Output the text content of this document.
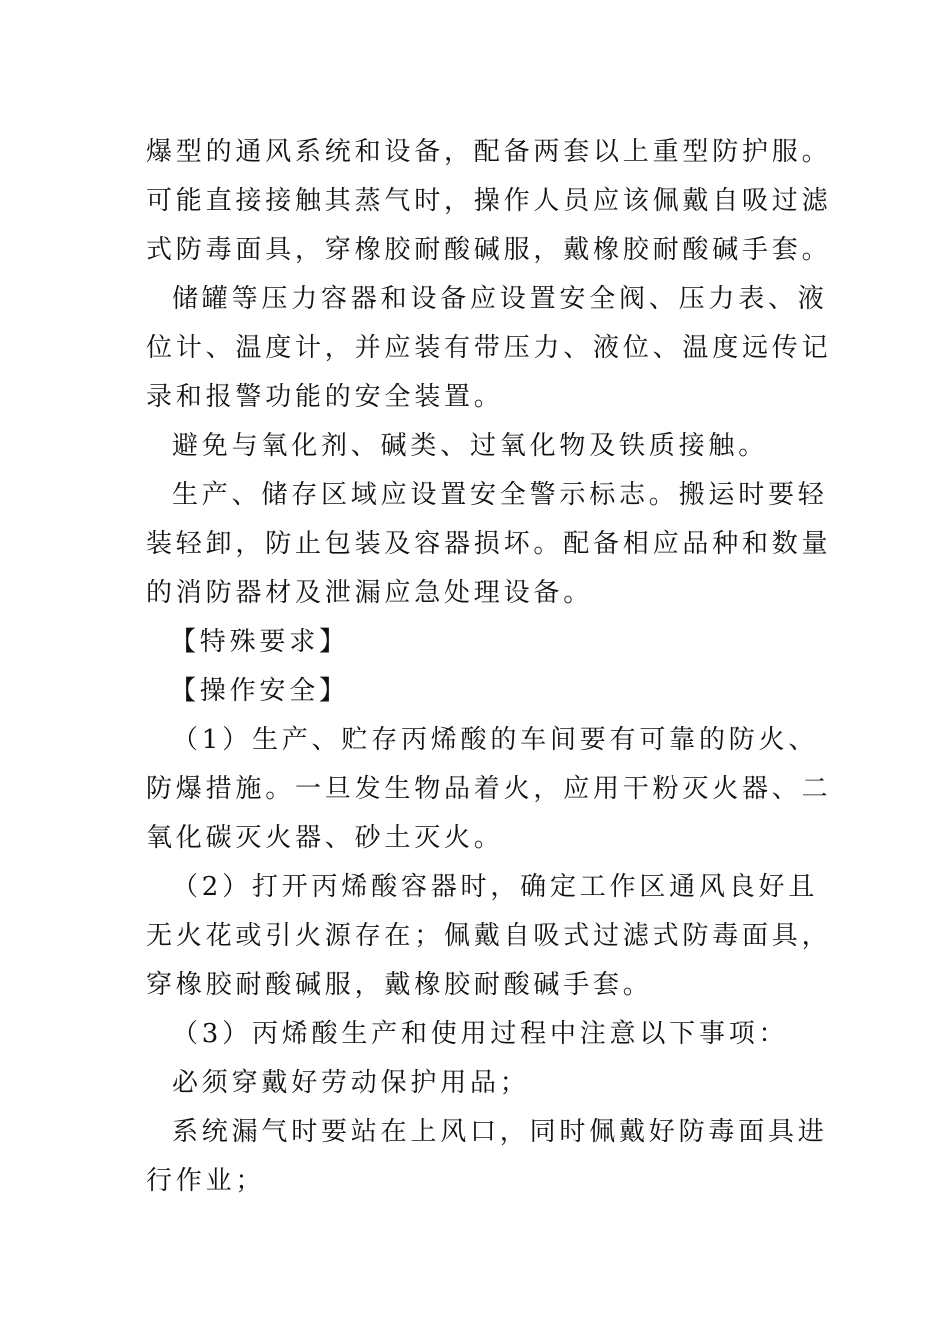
爆型的通风系统和设备，配备两套以上重型防护服。可能直接接触其蒸气时，操作人员应该佩戴自吸过滤式防毒面具，穿橡胶耐酸碱服，戴橡胶耐酸碱手套。

储罐等压力容器和设备应设置安全阀、压力表、液位计、温度计，并应装有带压力、液位、温度远传记录和报警功能的安全装置。

避免与氧化剂、碱类、过氧化物及铁质接触。

生产、储存区域应设置安全警示标志。搬运时要轻装轻卸，防止包装及容器损坏。配备相应品种和数量的消防器材及泄漏应急处理设备。

【特殊要求】

【操作安全】

（1）生产、贮存丙烯酸的车间要有可靠的防火、防爆措施。一旦发生物品着火，应用干粉灭火器、二氧化碳灭火器、砂土灭火。

（2）打开丙烯酸容器时，确定工作区通风良好且无火花或引火源存在；佩戴自吸式过滤式防毒面具，穿橡胶耐酸碱服，戴橡胶耐酸碱手套。

（3）丙烯酸生产和使用过程中注意以下事项：

必须穿戴好劳动保护用品；

系统漏气时要站在上风口，同时佩戴好防毒面具进行作业；
